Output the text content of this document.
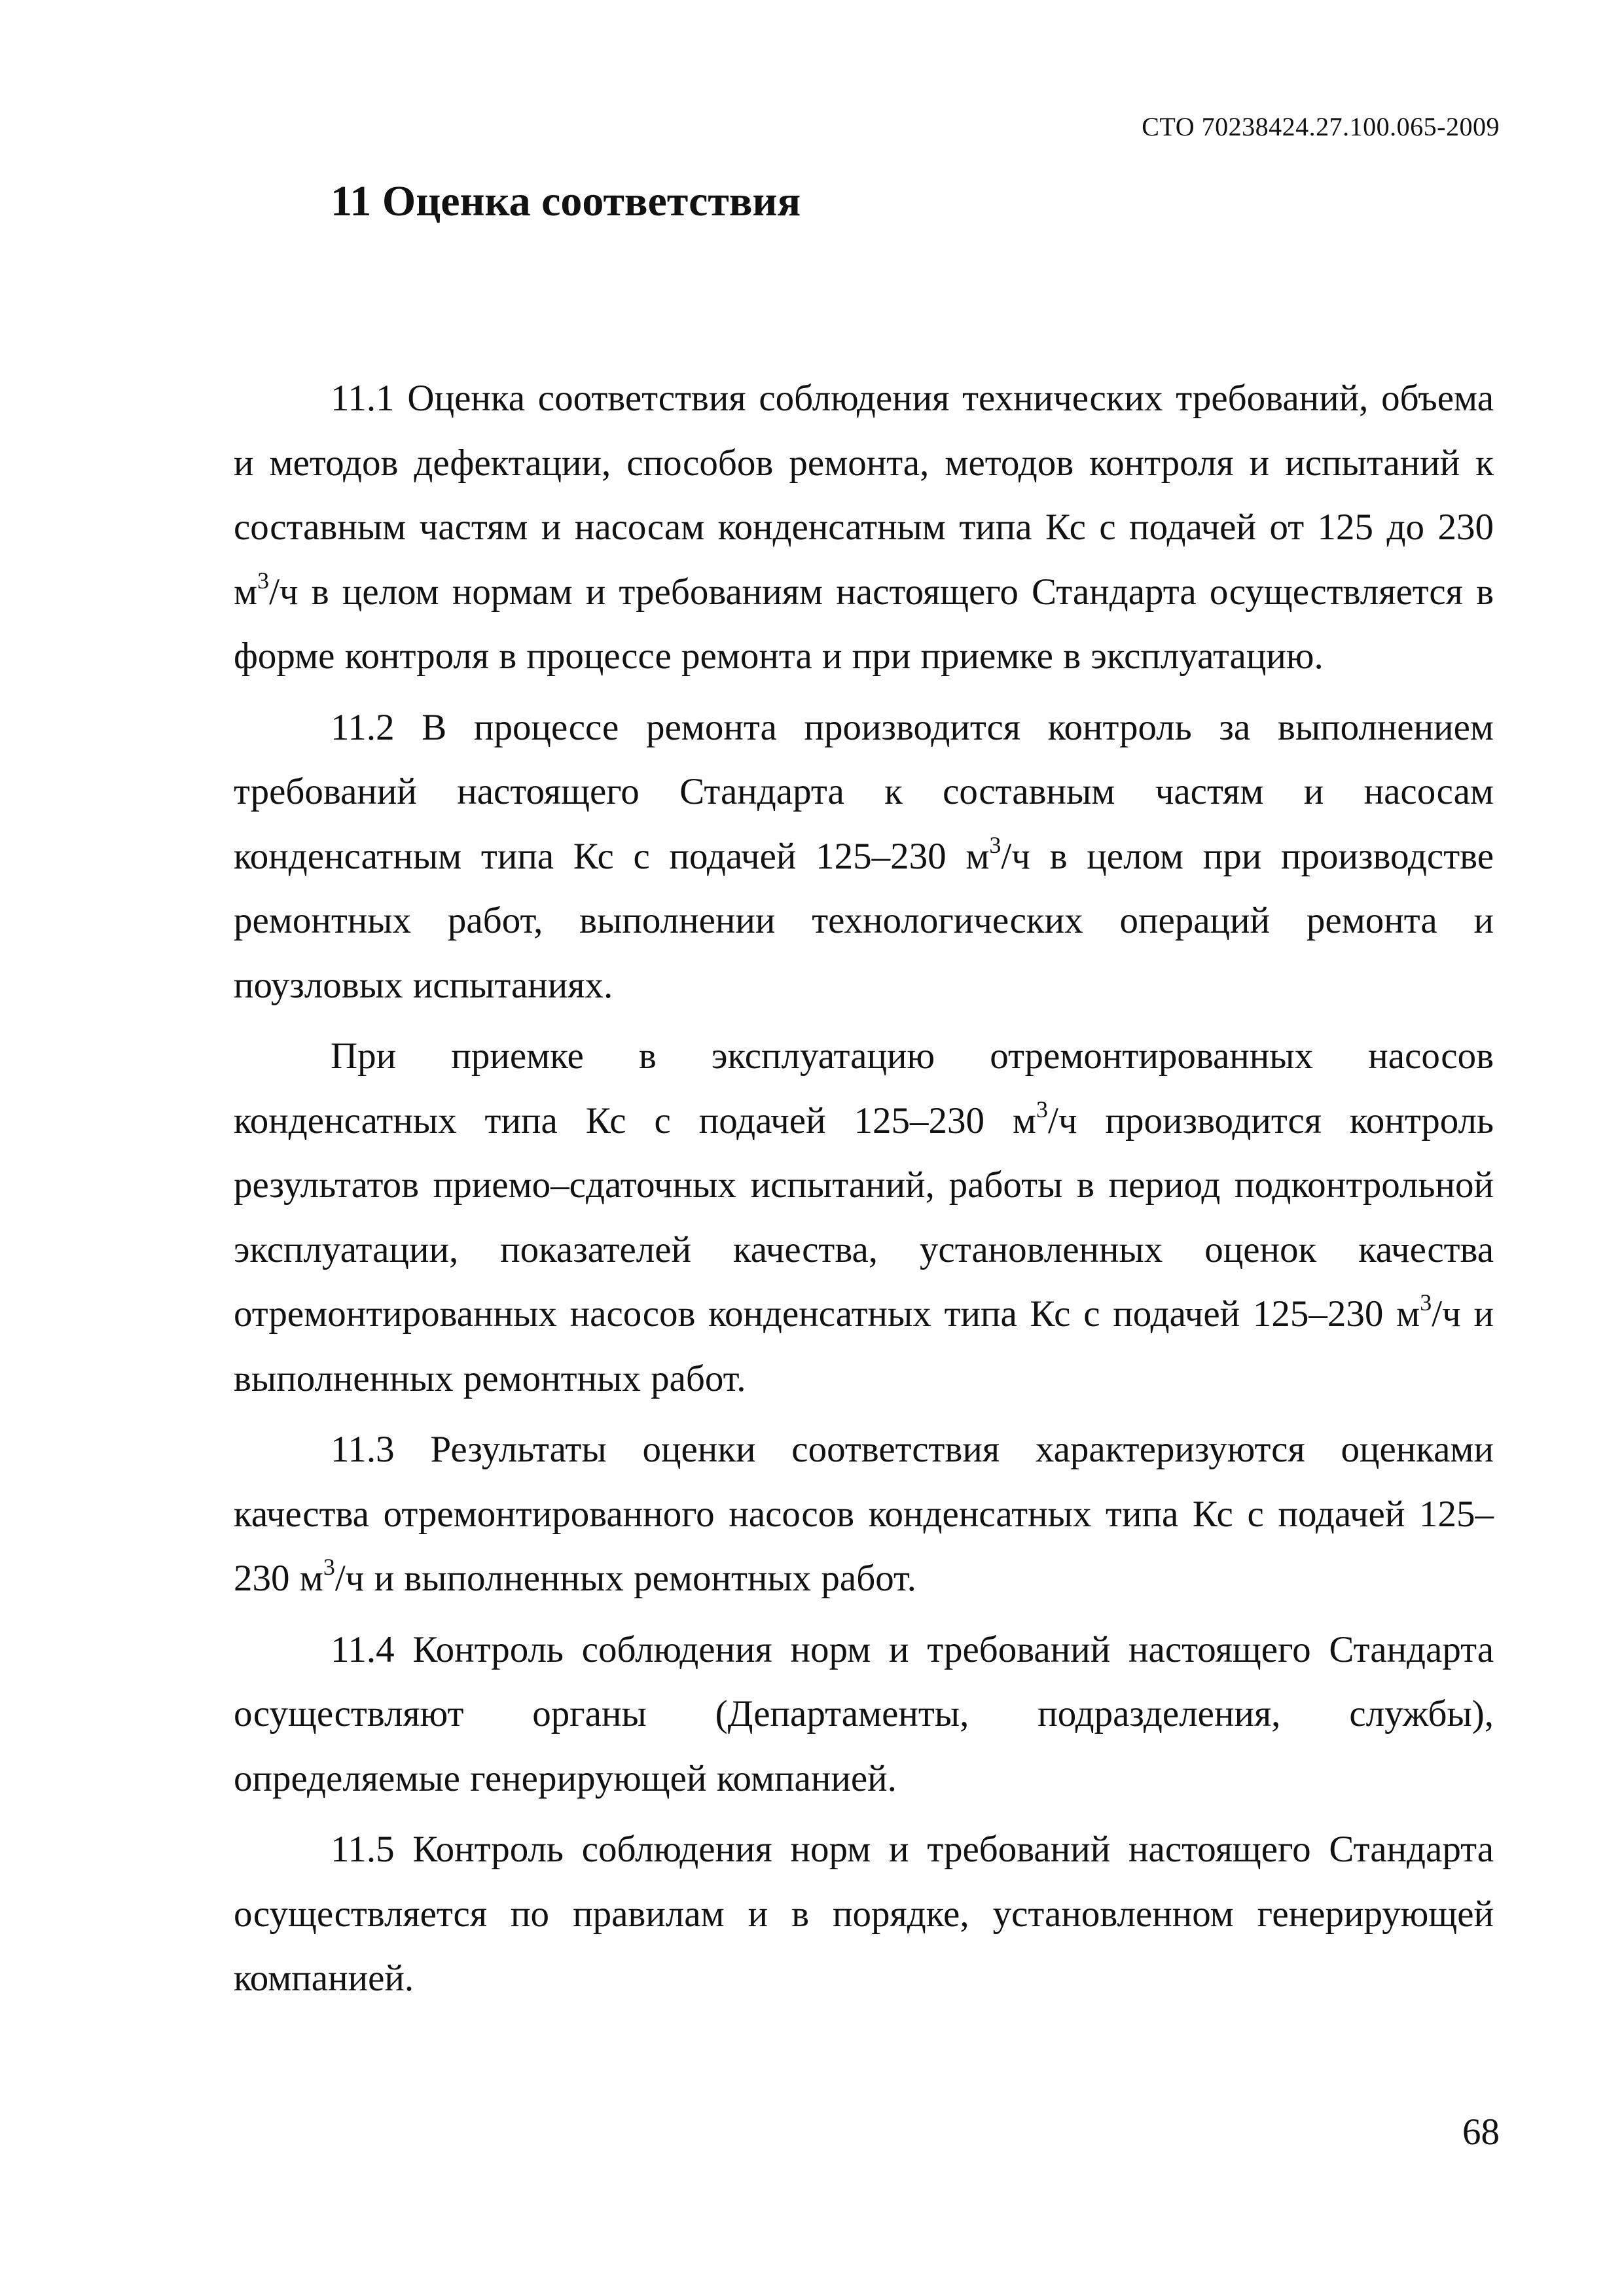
СТО 70238424.27.100.065-2009
11 Оценка соответствия

11.1 Оценка соответствия соблюдения технических требований, объема и методов дефектации, способов ремонта, методов контроля и испытаний к составным частям и насосам конденсатным типа Кс с подачей от 125 до 230 $м^3/ч$ в целом нормам и требованиям настоящего Стандарта осуществляется в форме контроля в процессе ремонта и при приемке в эксплуатацию.

11.2 В процессе ремонта производится контроль за выполнением требований настоящего Стандарта к составным частям и насосам конденсатным типа Кс с подачей 125–230 $м^3/ч$ в целом при производстве ремонтных работ, выполнении технологических операций ремонта и поузловых испытаниях.

При приемке в эксплуатацию отремонтированных насосов конденсатных типа Кс с подачей 125–230 $м^3/ч$ производится контроль результатов приемо–сдаточных испытаний, работы в период подконтрольной эксплуатации, показателей качества, установленных оценок качества отремонтированных насосов конденсатных типа Кс с подачей 125–230 $м^3/ч$ и выполненных ремонтных работ.

11.3 Результаты оценки соответствия характеризуются оценками качества отремонтированного насосов конденсатных типа Кс с подачей 125–230 $м^3/ч$ и выполненных ремонтных работ.

11.4 Контроль соблюдения норм и требований настоящего Стандарта осуществляют органы (Департаменты, подразделения, службы), определяемые генерирующей компанией.

11.5 Контроль соблюдения норм и требований настоящего Стандарта осуществляется по правилам и в порядке, установленном генерирующей компанией.

68
